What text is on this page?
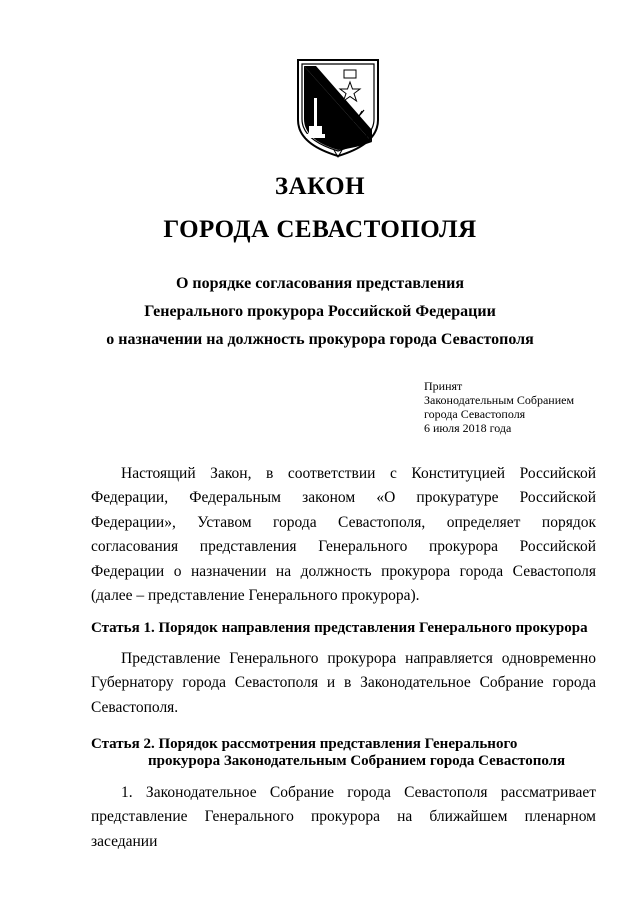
ЗАКОН
ГОРОДА СЕВАСТОПОЛЯ
О порядке согласования представления
Генерального прокурора Российской Федерации
о назначении на должность прокурора города Севастополя
Принят
Законодательным Собранием
города Севастополя
6 июля 2018 года
Настоящий Закон, в соответствии с Конституцией Российской Федерации, Федеральным законом «О прокуратуре Российской Федерации», Уставом города Севастополя, определяет порядок согласования представления Генерального прокурора Российской Федерации о назначении на должность прокурора города Севастополя (далее – представление Генерального прокурора).
Статья 1. Порядок направления представления Генерального прокурора
Представление Генерального прокурора направляется одновременно Губернатору города Севастополя и в Законодательное Собрание города Севастополя.
Статья 2. Порядок рассмотрения представления Генерального
прокурора Законодательным Собранием города Севастополя
1. Законодательное Собрание города Севастополя рассматривает представление Генерального прокурора на ближайшем пленарном заседании
